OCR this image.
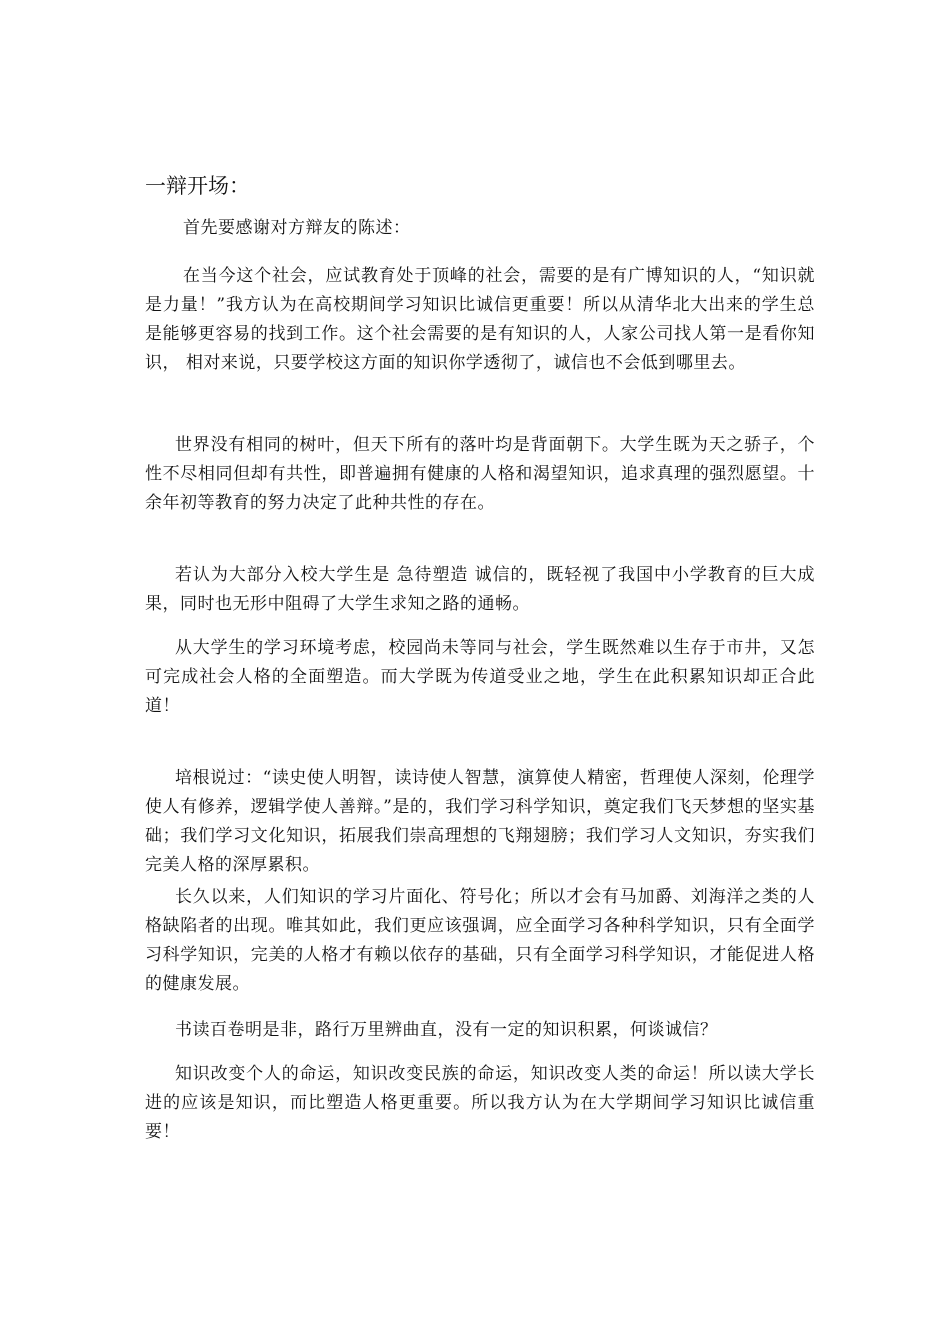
一辩开场：
首先要感谢对方辩友的陈述：
在当今这个社会，应试教育处于顶峰的社会，需要的是有广博知识的人，“知识就是力量！”我方认为在高校期间学习知识比诚信更重要！所以从清华北大出来的学生总是能够更容易的找到工作。这个社会需要的是有知识的人，人家公司找人第一是看你知识， 相对来说，只要学校这方面的知识你学透彻了，诚信也不会低到哪里去。
世界没有相同的树叶，但天下所有的落叶均是背面朝下。大学生既为天之骄子，个性不尽相同但却有共性，即普遍拥有健康的人格和渴望知识，追求真理的强烈愿望。十余年初等教育的努力决定了此种共性的存在。
若认为大部分入校大学生是 急待塑造 诚信的，既轻视了我国中小学教育的巨大成果，同时也无形中阻碍了大学生求知之路的通畅。
从大学生的学习环境考虑，校园尚未等同与社会，学生既然难以生存于市井，又怎可完成社会人格的全面塑造。而大学既为传道受业之地，学生在此积累知识却正合此道！
培根说过：“读史使人明智，读诗使人智慧，演算使人精密，哲理使人深刻，伦理学使人有修养，逻辑学使人善辩。”是的，我们学习科学知识，奠定我们飞天梦想的坚实基础；我们学习文化知识，拓展我们崇高理想的飞翔翅膀；我们学习人文知识，夯实我们完美人格的深厚累积。
长久以来，人们知识的学习片面化、符号化；所以才会有马加爵、刘海洋之类的人格缺陷者的出现。唯其如此，我们更应该强调，应全面学习各种科学知识，只有全面学习科学知识，完美的人格才有赖以依存的基础，只有全面学习科学知识，才能促进人格的健康发展。
书读百卷明是非，路行万里辨曲直，没有一定的知识积累，何谈诚信？
知识改变个人的命运，知识改变民族的命运，知识改变人类的命运！所以读大学长进的应该是知识，而比塑造人格更重要。所以我方认为在大学期间学习知识比诚信重要！
